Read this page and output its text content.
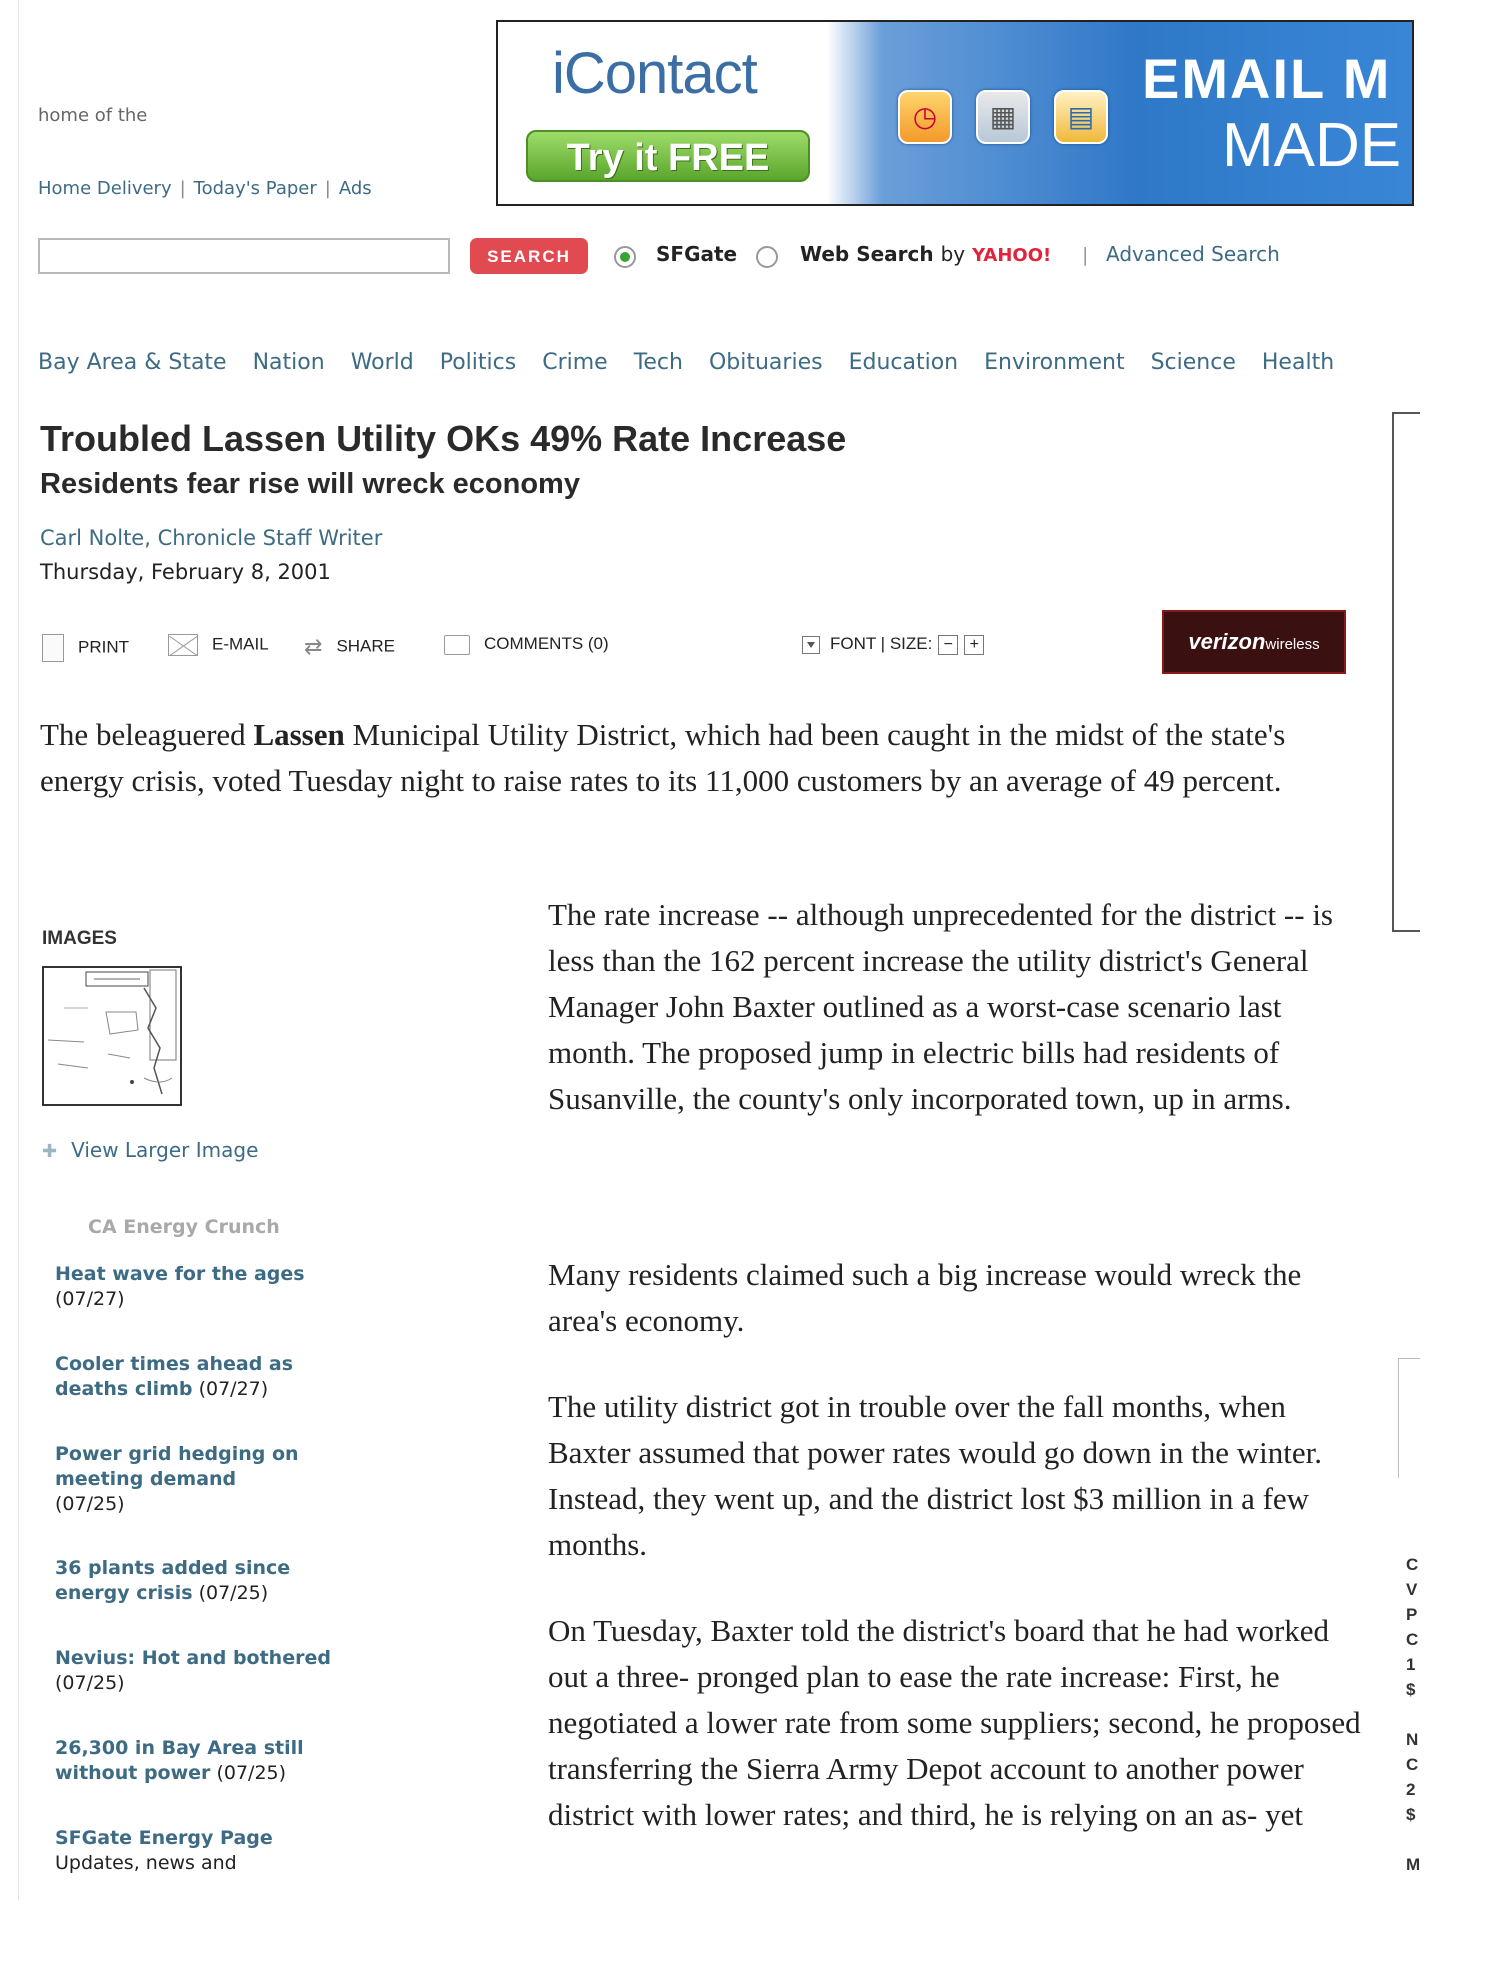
home of the
Home Delivery | Today's Paper | Ads
iContact
Try it FREE
◷	▦	▤
EMAIL M
MADE
SEARCH	SFGate	Web Search by YAHOO! | Advanced Search
Bay Area & State Nation World Politics Crime Tech Obituaries Education Environment Science Health
Troubled Lassen Utility OKs 49% Rate Increase
Residents fear rise will wreck economy
Carl Nolte, Chronicle Staff Writer
Thursday, February 8, 2001
PRINT	E-MAIL ⇄ SHARE	COMMENTS (0)	FONT | SIZE: − +	verizonwireless
The beleaguered Lassen Municipal Utility District, which had been caught in the midst of the state's energy crisis, voted Tuesday night to raise rates to its 11,000 customers by an average of 49 percent.
The rate increase -- although unprecedented for the district -- is less than the 162 percent increase the utility district's General Manager John Baxter outlined as a worst-case scenario last month. The proposed jump in electric bills had residents of Susanville, the county's only incorporated town, up in arms.
Many residents claimed such a big increase would wreck the area's economy.
The utility district got in trouble over the fall months, when Baxter assumed that power rates would go down in the winter. Instead, they went up, and the district lost $3 million in a few months.
On Tuesday, Baxter told the district's board that he had worked out a three- pronged plan to ease the rate increase: First, he negotiated a lower rate from some suppliers; second, he proposed transferring the Sierra Army Depot account to another power district with lower rates; and third, he is relying on an as- yet
IMAGES
✚ View Larger Image
CA Energy Crunch
Heat wave for the ages
(07/27)
Cooler times ahead as deaths climb (07/27)
Power grid hedging on meeting demand
(07/25)
36 plants added since energy crisis (07/25)
Nevius: Hot and bothered (07/25)
26,300 in Bay Area still without power (07/25)
SFGate Energy Page
Updates, news and
C
V
P
C
1
$
N
C
2
$
M
